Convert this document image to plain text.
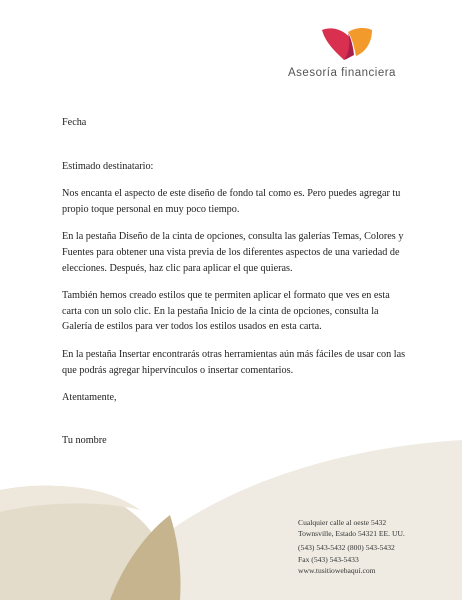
Asesoría financiera

Fecha

Estimado destinatario:

Nos encanta el aspecto de este diseño de fondo tal como es. Pero puedes agregar tu propio toque personal en muy poco tiempo.

En la pestaña Diseño de la cinta de opciones, consulta las galerías Temas, Colores y Fuentes para obtener una vista previa de los diferentes aspectos de una variedad de elecciones. Después, haz clic para aplicar el que quieras.

También hemos creado estilos que te permiten aplicar el formato que ves en esta carta con un solo clic. En la pestaña Inicio de la cinta de opciones, consulta la Galería de estilos para ver todos los estilos usados en esta carta.

En la pestaña Insertar encontrarás otras herramientas aún más fáciles de usar con las que podrás agregar hipervínculos o insertar comentarios.

Atentamente,

Tu nombre

Cualquier calle al oeste 5432

Townsville, Estado 54321 EE. UU.

(543) 543-5432 (800) 543-5432

Fax (543) 543-5433

www.tusitiowebaquí.com
